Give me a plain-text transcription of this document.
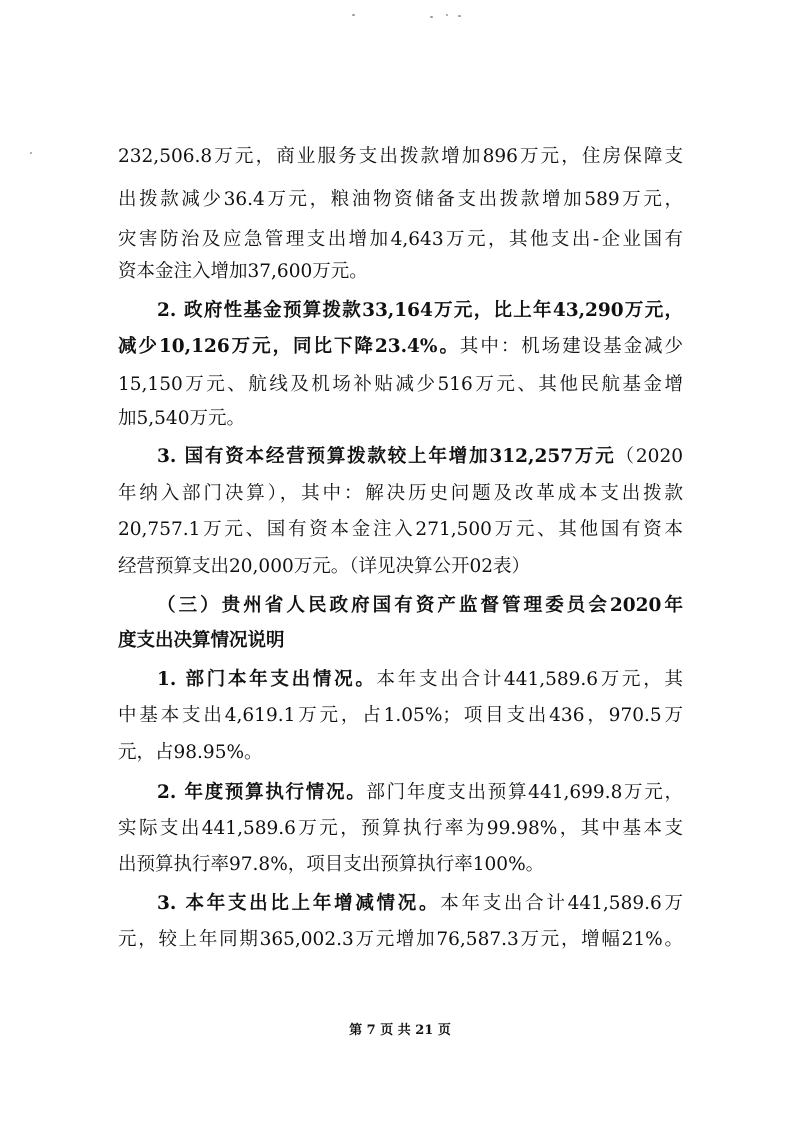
232,506.8万元，商业服务支出拨款增加896万元，住房保障支
出拨款减少36.4万元，粮油物资储备支出拨款增加589万元，
灾害防治及应急管理支出增加4,643万元，其他支出-企业国有
资本金注入增加37,600万元。
2. 政府性基金预算拨款33,164万元，比上年43,290万元，
减少10,126万元，同比下降23.4%。其中：机场建设基金减少
15,150万元、航线及机场补贴减少516万元、其他民航基金增
加5,540万元。
3. 国有资本经营预算拨款较上年增加312,257万元（2020
年纳入部门决算），其中：解决历史问题及改革成本支出拨款
20,757.1万元、国有资本金注入271,500万元、其他国有资本
经营预算支出20,000万元。（详见决算公开02表）
（三）贵州省人民政府国有资产监督管理委员会2020年
度支出决算情况说明
1. 部门本年支出情况。本年支出合计441,589.6万元，其
中基本支出4,619.1万元，占1.05%；项目支出436，970.5万
元，占98.95%。
2. 年度预算执行情况。部门年度支出预算441,699.8万元，
实际支出441,589.6万元，预算执行率为99.98%，其中基本支
出预算执行率97.8%，项目支出预算执行率100%。
3. 本年支出比上年增减情况。本年支出合计441,589.6万
元，较上年同期365,002.3万元增加76,587.3万元，增幅21%。
第 7 页 共 21 页
